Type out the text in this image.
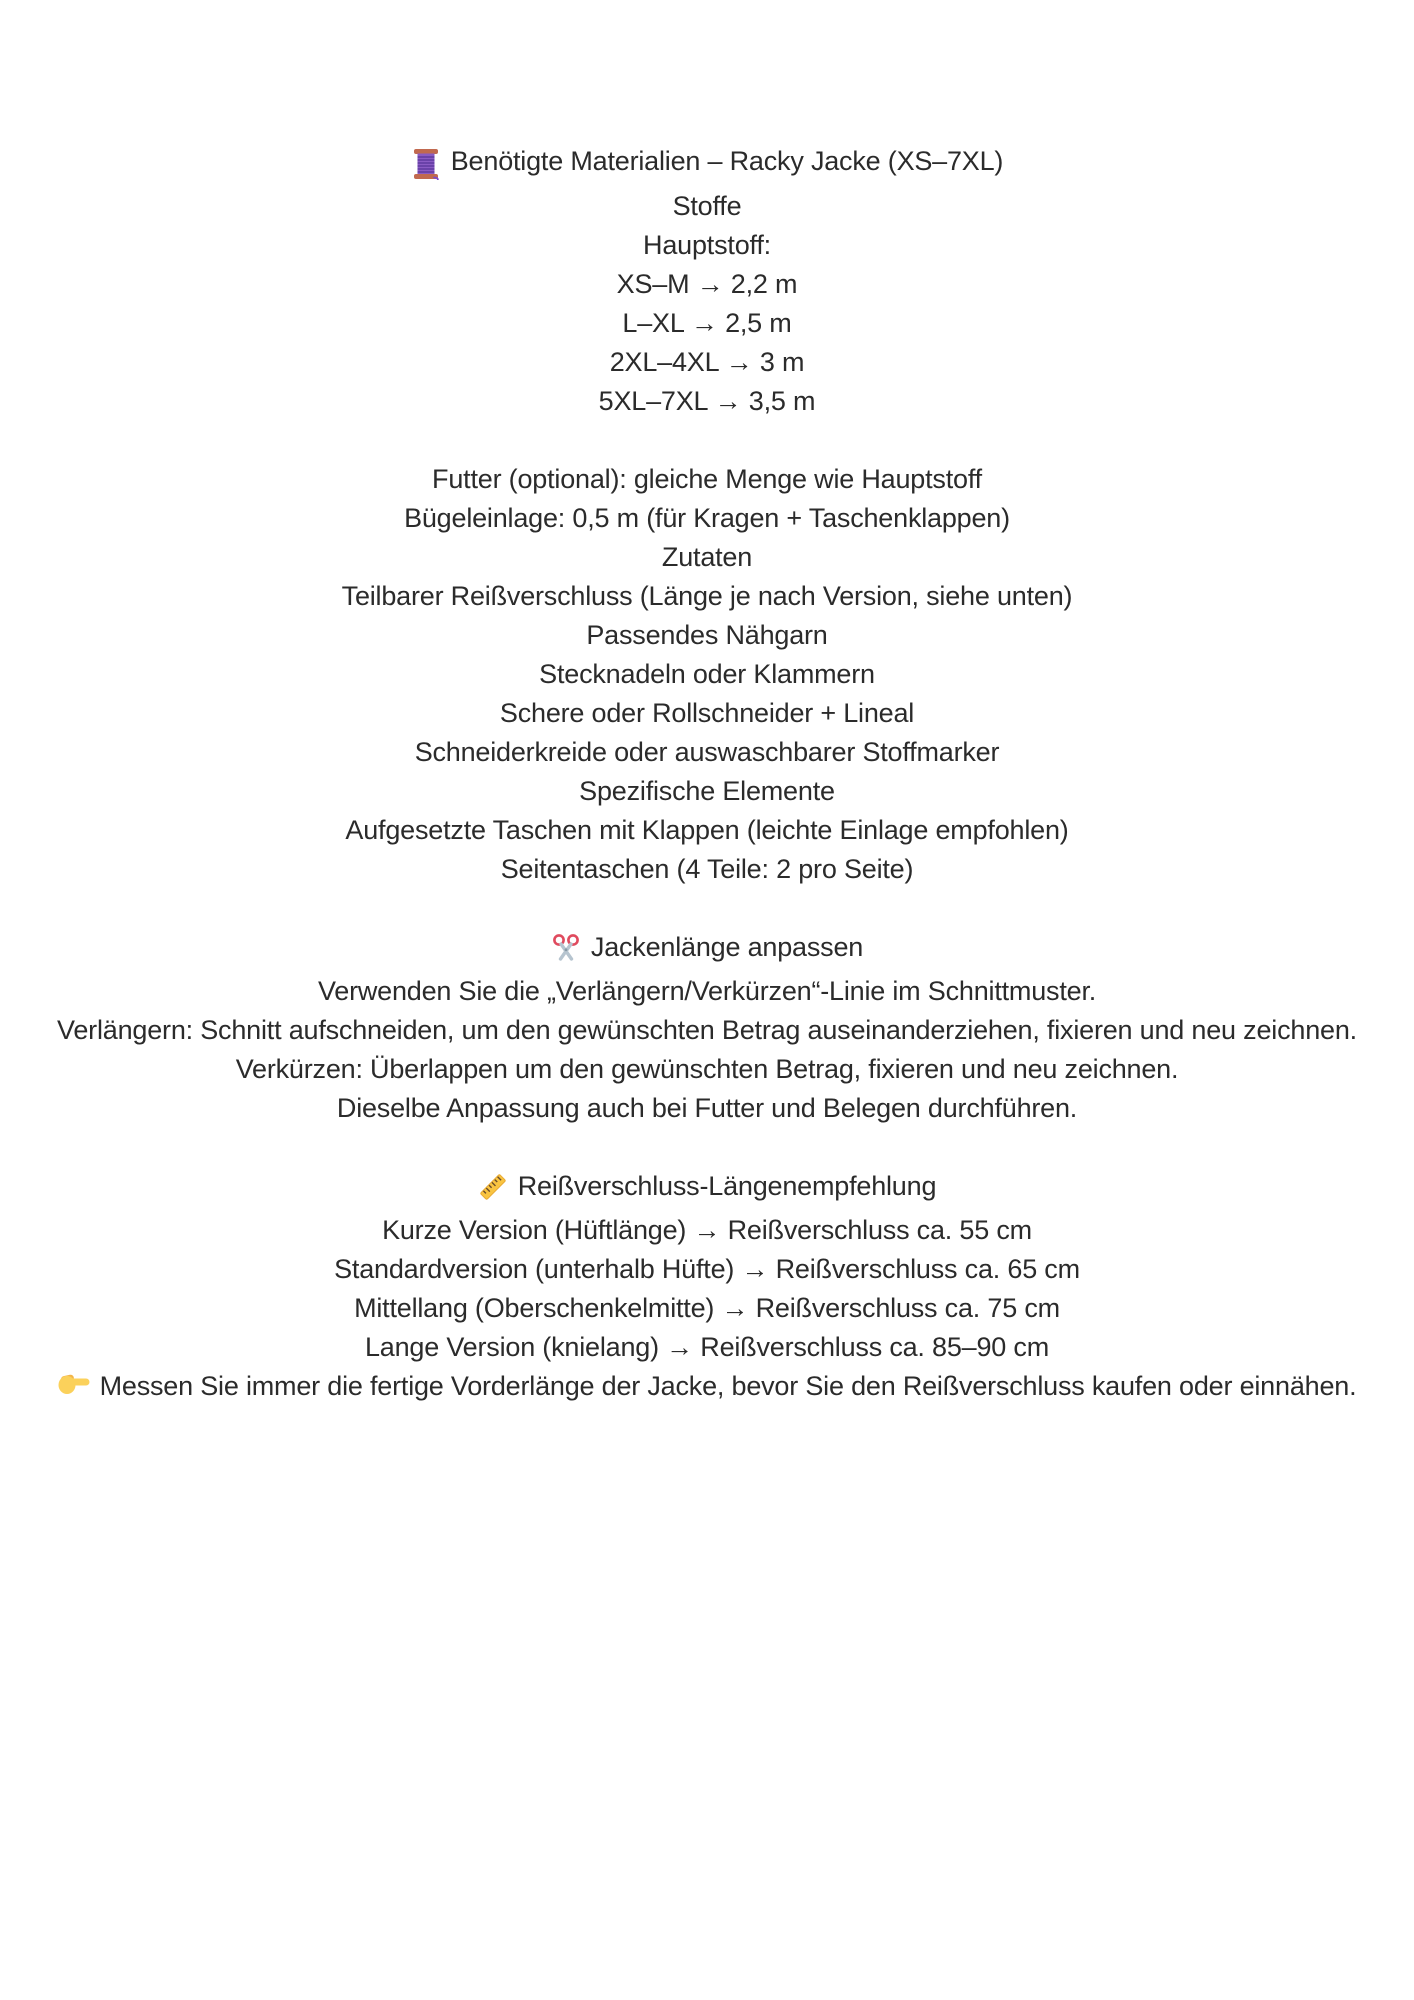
Benötigte Materialien – Racky Jacke (XS–7XL)
Stoffe
Hauptstoff:
XS–M → 2,2 m
L–XL → 2,5 m
2XL–4XL → 3 m
5XL–7XL → 3,5 m
Futter (optional): gleiche Menge wie Hauptstoff
Bügeleinlage: 0,5 m (für Kragen + Taschenklappen)
Zutaten
Teilbarer Reißverschluss (Länge je nach Version, siehe unten)
Passendes Nähgarn
Stecknadeln oder Klammern
Schere oder Rollschneider + Lineal
Schneiderkreide oder auswaschbarer Stoffmarker
Spezifische Elemente
Aufgesetzte Taschen mit Klappen (leichte Einlage empfohlen)
Seitentaschen (4 Teile: 2 pro Seite)
Jackenlänge anpassen
Verwenden Sie die „Verlängern/Verkürzen“-Linie im Schnittmuster.
Verlängern: Schnitt aufschneiden, um den gewünschten Betrag auseinanderziehen, fixieren und neu zeichnen.
Verkürzen: Überlappen um den gewünschten Betrag, fixieren und neu zeichnen.
Dieselbe Anpassung auch bei Futter und Belegen durchführen.
Reißverschluss-Längenempfehlung
Kurze Version (Hüftlänge) → Reißverschluss ca. 55 cm
Standardversion (unterhalb Hüfte) → Reißverschluss ca. 65 cm
Mittellang (Oberschenkelmitte) → Reißverschluss ca. 75 cm
Lange Version (knielang) → Reißverschluss ca. 85–90 cm
Messen Sie immer die fertige Vorderlänge der Jacke, bevor Sie den Reißverschluss kaufen oder einnähen.
